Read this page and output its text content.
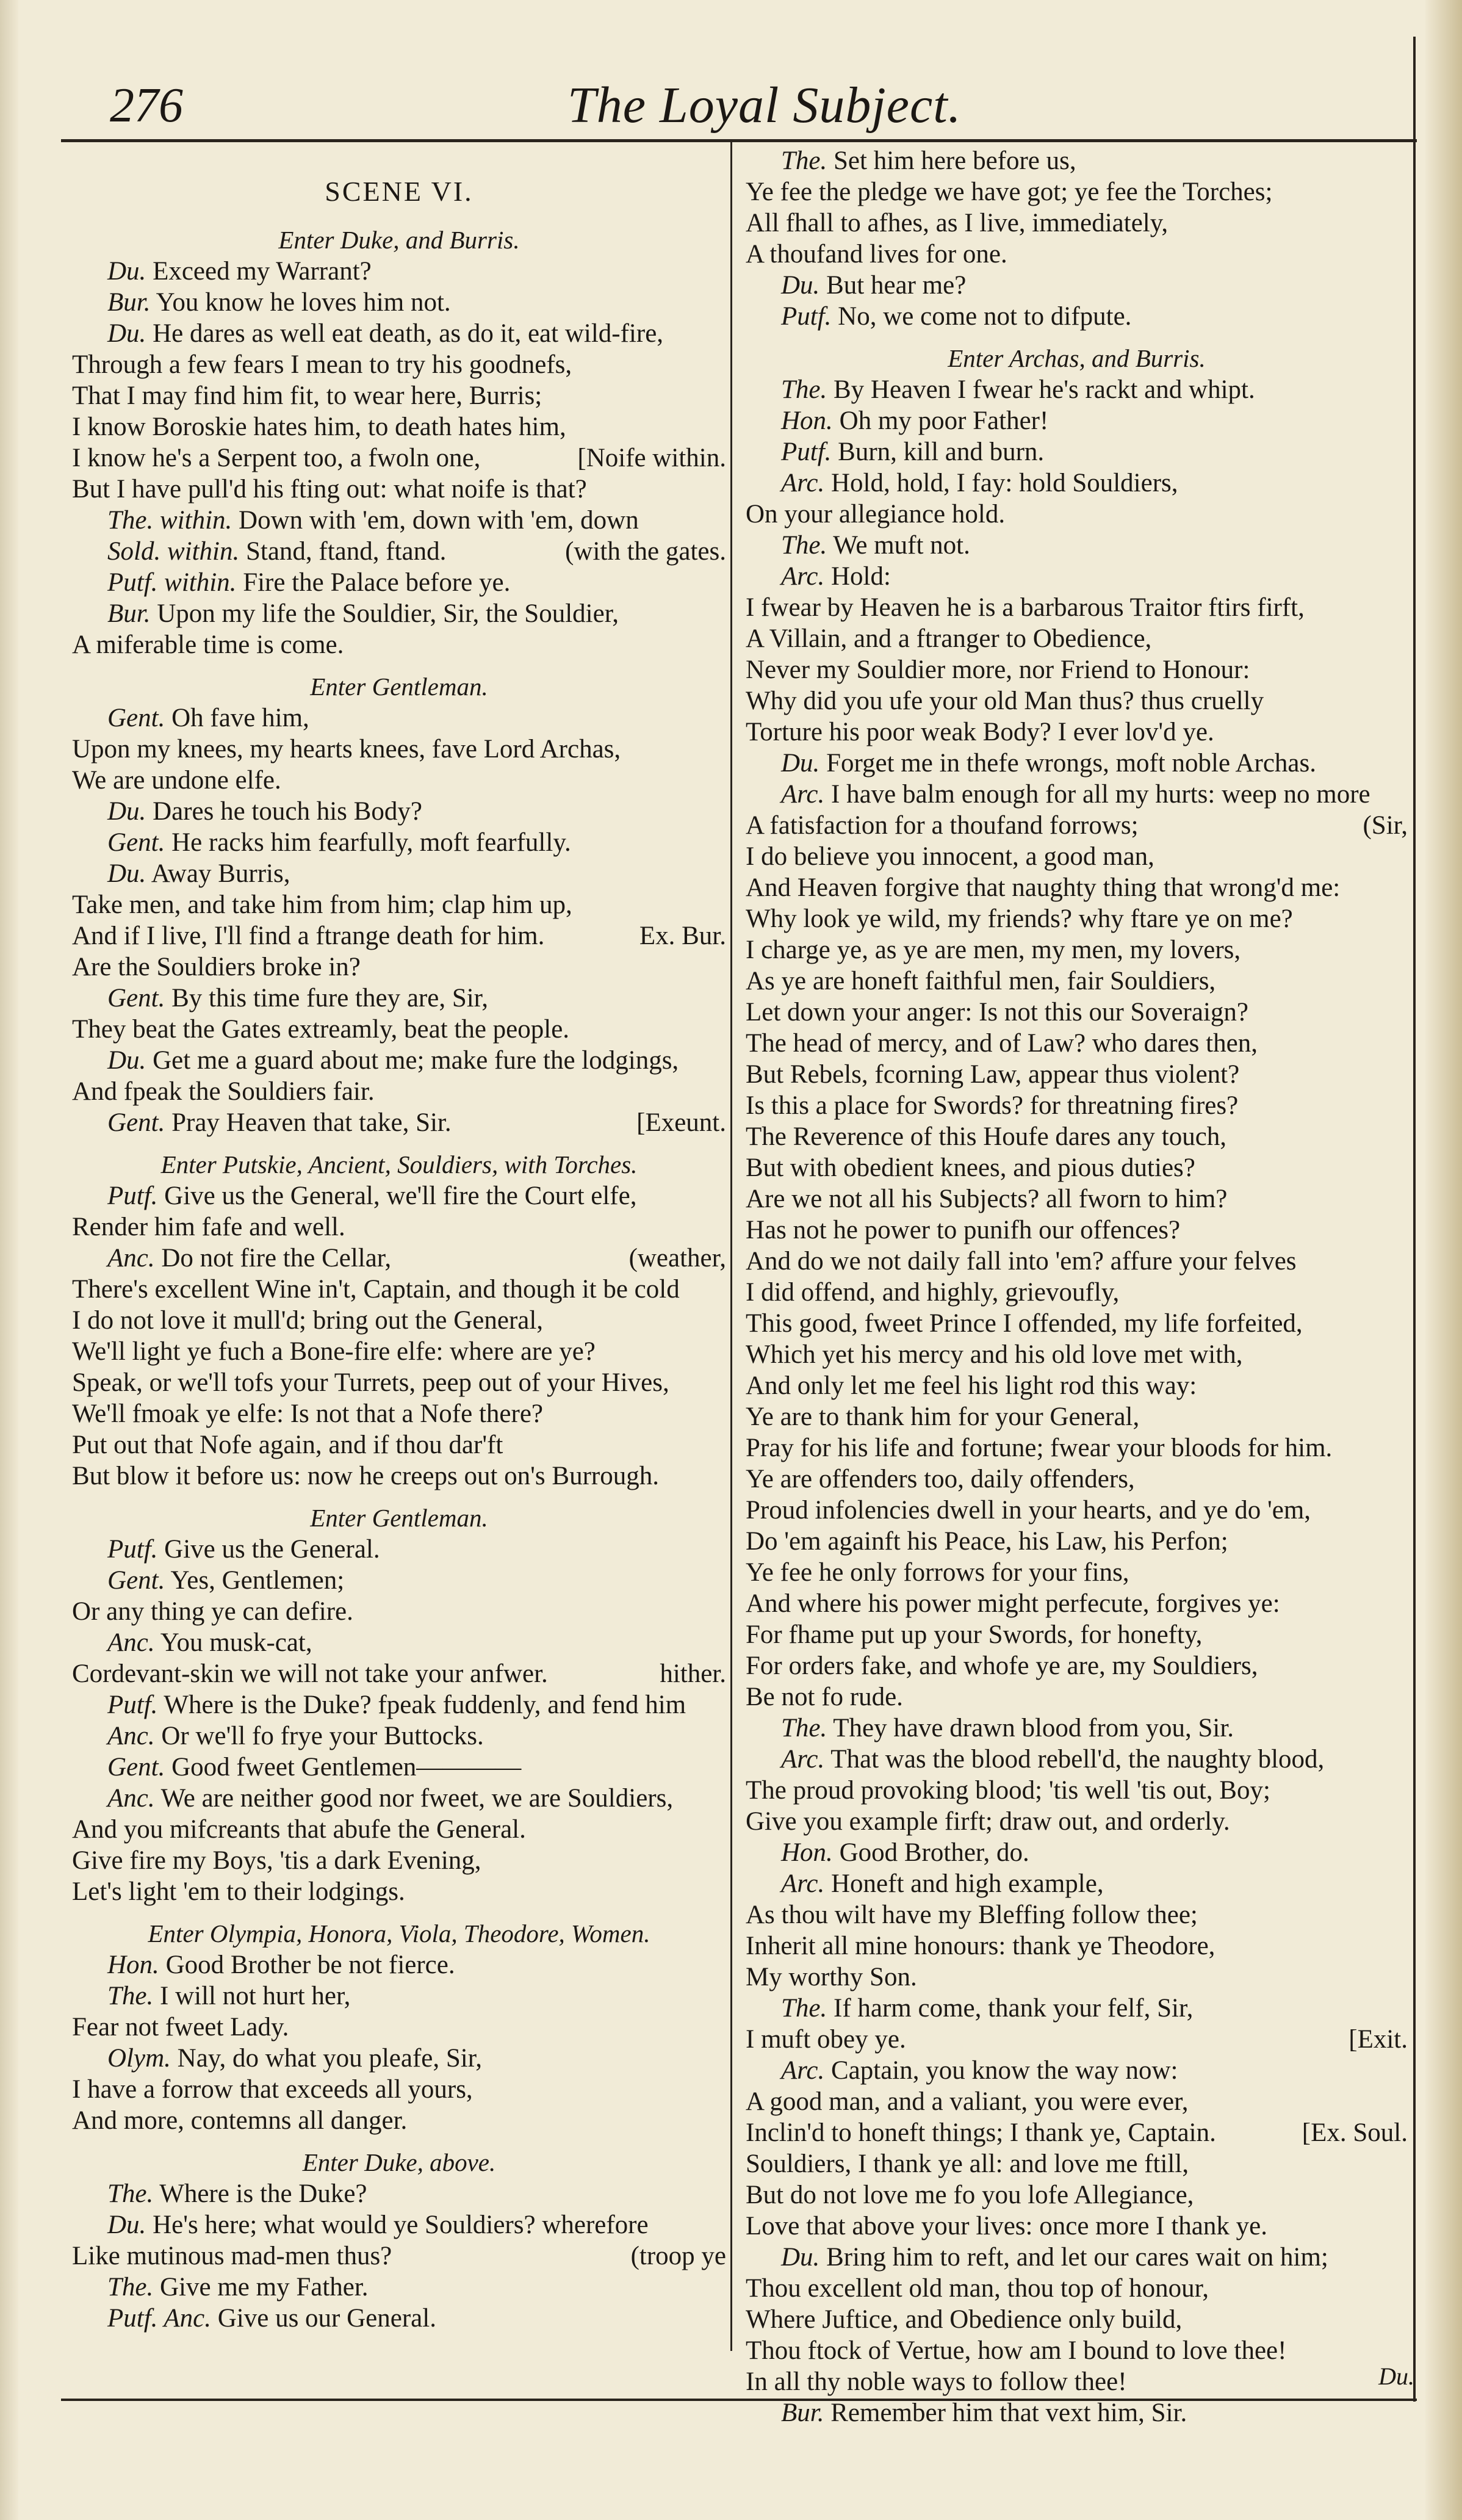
276	The Loyal Subject.
SCENE VI.
Enter Duke, and Burris.
Du. Exceed my Warrant?
Bur. You know he loves him not.
Du. He dares as well eat death, as do it, eat wild-fire,
Through a few fears I mean to try his goodnefs,
That I may find him fit, to wear here, Burris;
I know Boroskie hates him, to death hates him,
I know he's a Serpent too, a fwoln one,	[Noife within.
But I have pull'd his fting out: what noife is that?
The. within. Down with 'em, down with 'em, down
Sold. within. Stand, ftand, ftand.	(with the gates.
Putf. within. Fire the Palace before ye.
Bur. Upon my life the Souldier, Sir, the Souldier,
A miferable time is come.
Enter Gentleman.
Gent. Oh fave him,
Upon my knees, my hearts knees, fave Lord Archas,
We are undone elfe.
Du. Dares he touch his Body?
Gent. He racks him fearfully, moft fearfully.
Du. Away Burris,
Take men, and take him from him; clap him up,
And if I live, I'll find a ftrange death for him.	Ex. Bur.
Are the Souldiers broke in?
Gent. By this time fure they are, Sir,
They beat the Gates extreamly, beat the people.
Du. Get me a guard about me; make fure the lodgings,
And fpeak the Souldiers fair.
Gent. Pray Heaven that take, Sir.	[Exeunt.
Enter Putskie, Ancient, Souldiers, with Torches.
Putf. Give us the General, we'll fire the Court elfe,
Render him fafe and well.
Anc. Do not fire the Cellar,	(weather,
There's excellent Wine in't, Captain, and though it be cold
I do not love it mull'd; bring out the General,
We'll light ye fuch a Bone-fire elfe: where are ye?
Speak, or we'll tofs your Turrets, peep out of your Hives,
We'll fmoak ye elfe: Is not that a Nofe there?
Put out that Nofe again, and if thou dar'ft
But blow it before us: now he creeps out on's Burrough.
Enter Gentleman.
Putf. Give us the General.
Gent. Yes, Gentlemen;
Or any thing ye can defire.
Anc. You musk-cat,
Cordevant-skin we will not take your anfwer.	hither.
Putf. Where is the Duke? fpeak fuddenly, and fend him
Anc. Or we'll fo frye your Buttocks.
Gent. Good fweet Gentlemen————
Anc. We are neither good nor fweet, we are Souldiers,
And you mifcreants that abufe the General.
Give fire my Boys, 'tis a dark Evening,
Let's light 'em to their lodgings.
Enter Olympia, Honora, Viola, Theodore, Women.
Hon. Good Brother be not fierce.
The. I will not hurt her,
Fear not fweet Lady.
Olym. Nay, do what you pleafe, Sir,
I have a forrow that exceeds all yours,
And more, contemns all danger.
Enter Duke, above.
The. Where is the Duke?
Du. He's here; what would ye Souldiers? wherefore
Like mutinous mad-men thus?	(troop ye
The. Give me my Father.
Putf. Anc. Give us our General.
The. Set him here before us,
Ye fee the pledge we have got; ye fee the Torches;
All fhall to afhes, as I live, immediately,
A thoufand lives for one.
Du. But hear me?
Putf. No, we come not to difpute.
Enter Archas, and Burris.
The. By Heaven I fwear he's rackt and whipt.
Hon. Oh my poor Father!
Putf. Burn, kill and burn.
Arc. Hold, hold, I fay: hold Souldiers,
On your allegiance hold.
The. We muft not.
Arc. Hold:
I fwear by Heaven he is a barbarous Traitor ftirs firft,
A Villain, and a ftranger to Obedience,
Never my Souldier more, nor Friend to Honour:
Why did you ufe your old Man thus? thus cruelly
Torture his poor weak Body? I ever lov'd ye.
Du. Forget me in thefe wrongs, moft noble Archas.
Arc. I have balm enough for all my hurts: weep no more
A fatisfaction for a thoufand forrows;	(Sir,
I do believe you innocent, a good man,
And Heaven forgive that naughty thing that wrong'd me:
Why look ye wild, my friends? why ftare ye on me?
I charge ye, as ye are men, my men, my lovers,
As ye are honeft faithful men, fair Souldiers,
Let down your anger: Is not this our Soveraign?
The head of mercy, and of Law? who dares then,
But Rebels, fcorning Law, appear thus violent?
Is this a place for Swords? for threatning fires?
The Reverence of this Houfe dares any touch,
But with obedient knees, and pious duties?
Are we not all his Subjects? all fworn to him?
Has not he power to punifh our offences?
And do we not daily fall into 'em? affure your felves
I did offend, and highly, grievoufly,
This good, fweet Prince I offended, my life forfeited,
Which yet his mercy and his old love met with,
And only let me feel his light rod this way:
Ye are to thank him for your General,
Pray for his life and fortune; fwear your bloods for him.
Ye are offenders too, daily offenders,
Proud infolencies dwell in your hearts, and ye do 'em,
Do 'em againft his Peace, his Law, his Perfon;
Ye fee he only forrows for your fins,
And where his power might perfecute, forgives ye:
For fhame put up your Swords, for honefty,
For orders fake, and whofe ye are, my Souldiers,
Be not fo rude.
The. They have drawn blood from you, Sir.
Arc. That was the blood rebell'd, the naughty blood,
The proud provoking blood; 'tis well 'tis out, Boy;
Give you example firft; draw out, and orderly.
Hon. Good Brother, do.
Arc. Honeft and high example,
As thou wilt have my Bleffing follow thee;
Inherit all mine honours: thank ye Theodore,
My worthy Son.
The. If harm come, thank your felf, Sir,
I muft obey ye.	[Exit.
Arc. Captain, you know the way now:
A good man, and a valiant, you were ever,
Inclin'd to honeft things; I thank ye, Captain.	[Ex. Soul.
Souldiers, I thank ye all: and love me ftill,
But do not love me fo you lofe Allegiance,
Love that above your lives: once more I thank ye.
Du. Bring him to reft, and let our cares wait on him;
Thou excellent old man, thou top of honour,
Where Juftice, and Obedience only build,
Thou ftock of Vertue, how am I bound to love thee!
In all thy noble ways to follow thee!
Bur. Remember him that vext him, Sir.
Du.
